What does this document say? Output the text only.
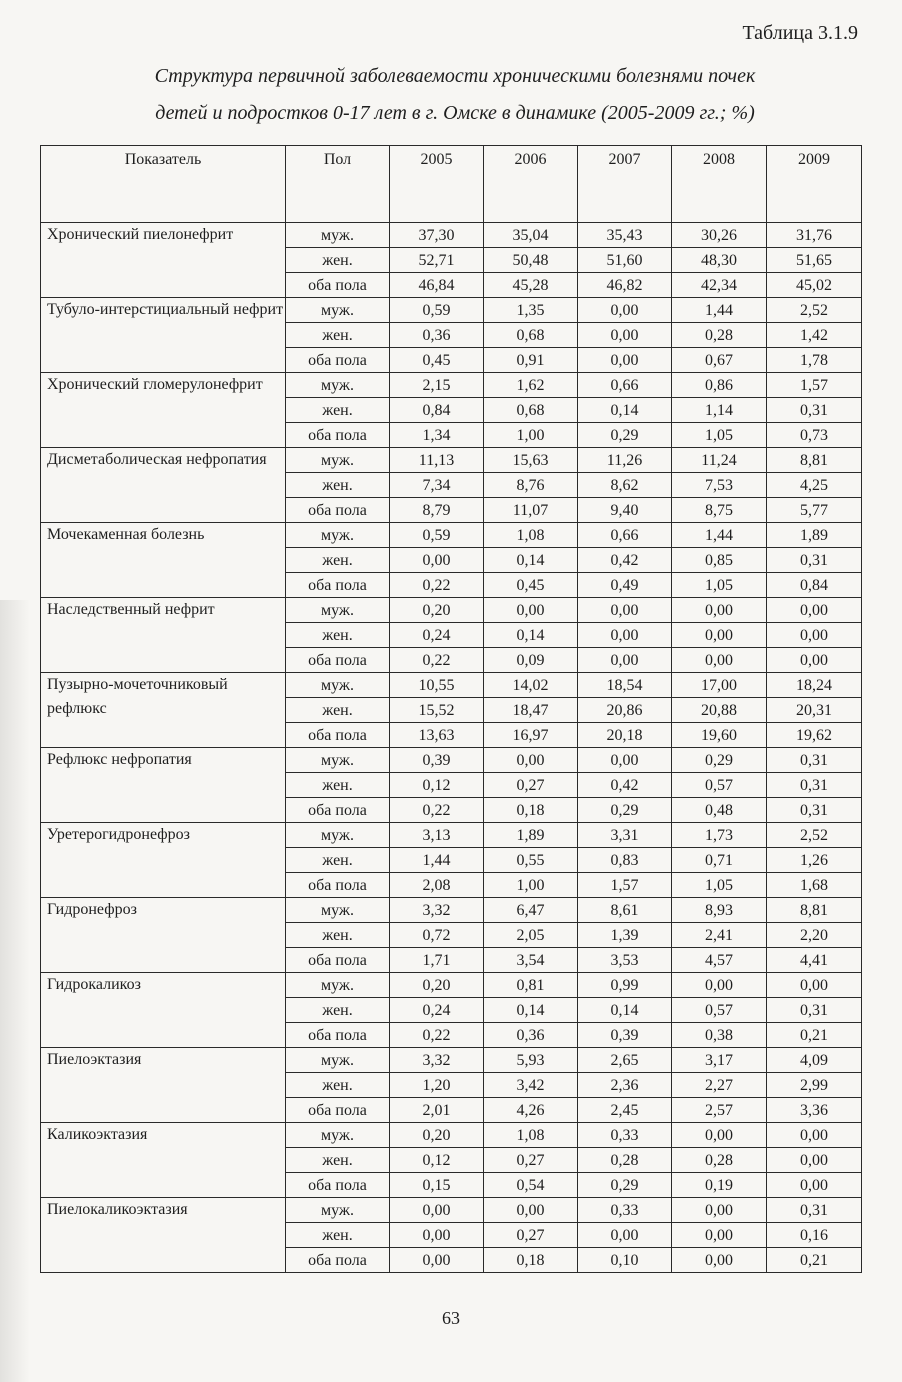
Таблица 3.1.9
Структура первичной заболеваемости хроническими болезнями почек
детей и подростков 0-17 лет в г. Омске в динамике (2005-2009 гг.; %)
Показатель	Пол	2005	2006	2007	2008	2009
Хронический пиелонефрит	муж.	37,30	35,04	35,43	30,26	31,76
	жен.	52,71	50,48	51,60	48,30	51,65
	оба пола	46,84	45,28	46,82	42,34	45,02
Тубуло-интерстициальный нефрит	муж.	0,59	1,35	0,00	1,44	2,52
	жен.	0,36	0,68	0,00	0,28	1,42
	оба пола	0,45	0,91	0,00	0,67	1,78
Хронический гломерулонефрит	муж.	2,15	1,62	0,66	0,86	1,57
	жен.	0,84	0,68	0,14	1,14	0,31
	оба пола	1,34	1,00	0,29	1,05	0,73
Дисметаболическая нефропатия	муж.	11,13	15,63	11,26	11,24	8,81
	жен.	7,34	8,76	8,62	7,53	4,25
	оба пола	8,79	11,07	9,40	8,75	5,77
Мочекаменная болезнь	муж.	0,59	1,08	0,66	1,44	1,89
	жен.	0,00	0,14	0,42	0,85	0,31
	оба пола	0,22	0,45	0,49	1,05	0,84
Наследственный нефрит	муж.	0,20	0,00	0,00	0,00	0,00
	жен.	0,24	0,14	0,00	0,00	0,00
	оба пола	0,22	0,09	0,00	0,00	0,00
Пузырно-мочеточниковый рефлюкс	муж.	10,55	14,02	18,54	17,00	18,24
	жен.	15,52	18,47	20,86	20,88	20,31
	оба пола	13,63	16,97	20,18	19,60	19,62
Рефлюкс нефропатия	муж.	0,39	0,00	0,00	0,29	0,31
	жен.	0,12	0,27	0,42	0,57	0,31
	оба пола	0,22	0,18	0,29	0,48	0,31
Уретерогидронефроз	муж.	3,13	1,89	3,31	1,73	2,52
	жен.	1,44	0,55	0,83	0,71	1,26
	оба пола	2,08	1,00	1,57	1,05	1,68
Гидронефроз	муж.	3,32	6,47	8,61	8,93	8,81
	жен.	0,72	2,05	1,39	2,41	2,20
	оба пола	1,71	3,54	3,53	4,57	4,41
Гидрокаликоз	муж.	0,20	0,81	0,99	0,00	0,00
	жен.	0,24	0,14	0,14	0,57	0,31
	оба пола	0,22	0,36	0,39	0,38	0,21
Пиелоэктазия	муж.	3,32	5,93	2,65	3,17	4,09
	жен.	1,20	3,42	2,36	2,27	2,99
	оба пола	2,01	4,26	2,45	2,57	3,36
Каликоэктазия	муж.	0,20	1,08	0,33	0,00	0,00
	жен.	0,12	0,27	0,28	0,28	0,00
	оба пола	0,15	0,54	0,29	0,19	0,00
Пиелокаликоэктазия	муж.	0,00	0,00	0,33	0,00	0,31
	жен.	0,00	0,27	0,00	0,00	0,16
	оба пола	0,00	0,18	0,10	0,00	0,21
63
